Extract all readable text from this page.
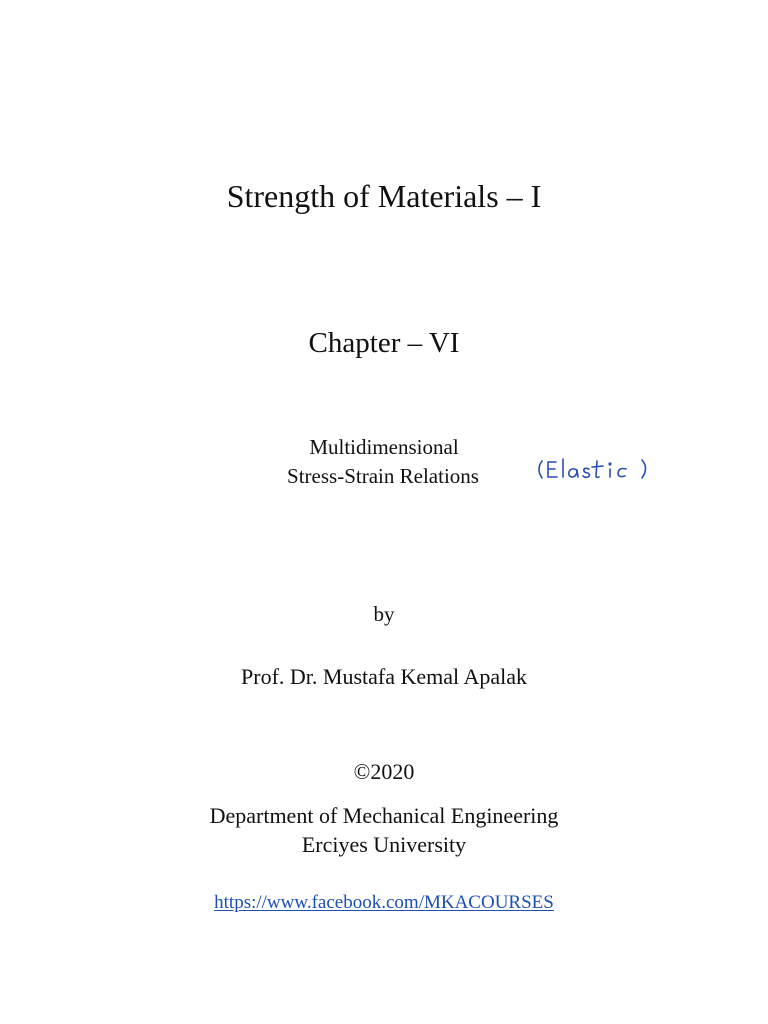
Strength of Materials – I
Chapter – VI
Multidimensional
Stress-Strain Relations
by
Prof. Dr. Mustafa Kemal Apalak
©2020
Department of Mechanical Engineering
Erciyes University
https://www.facebook.com/MKACOURSES
